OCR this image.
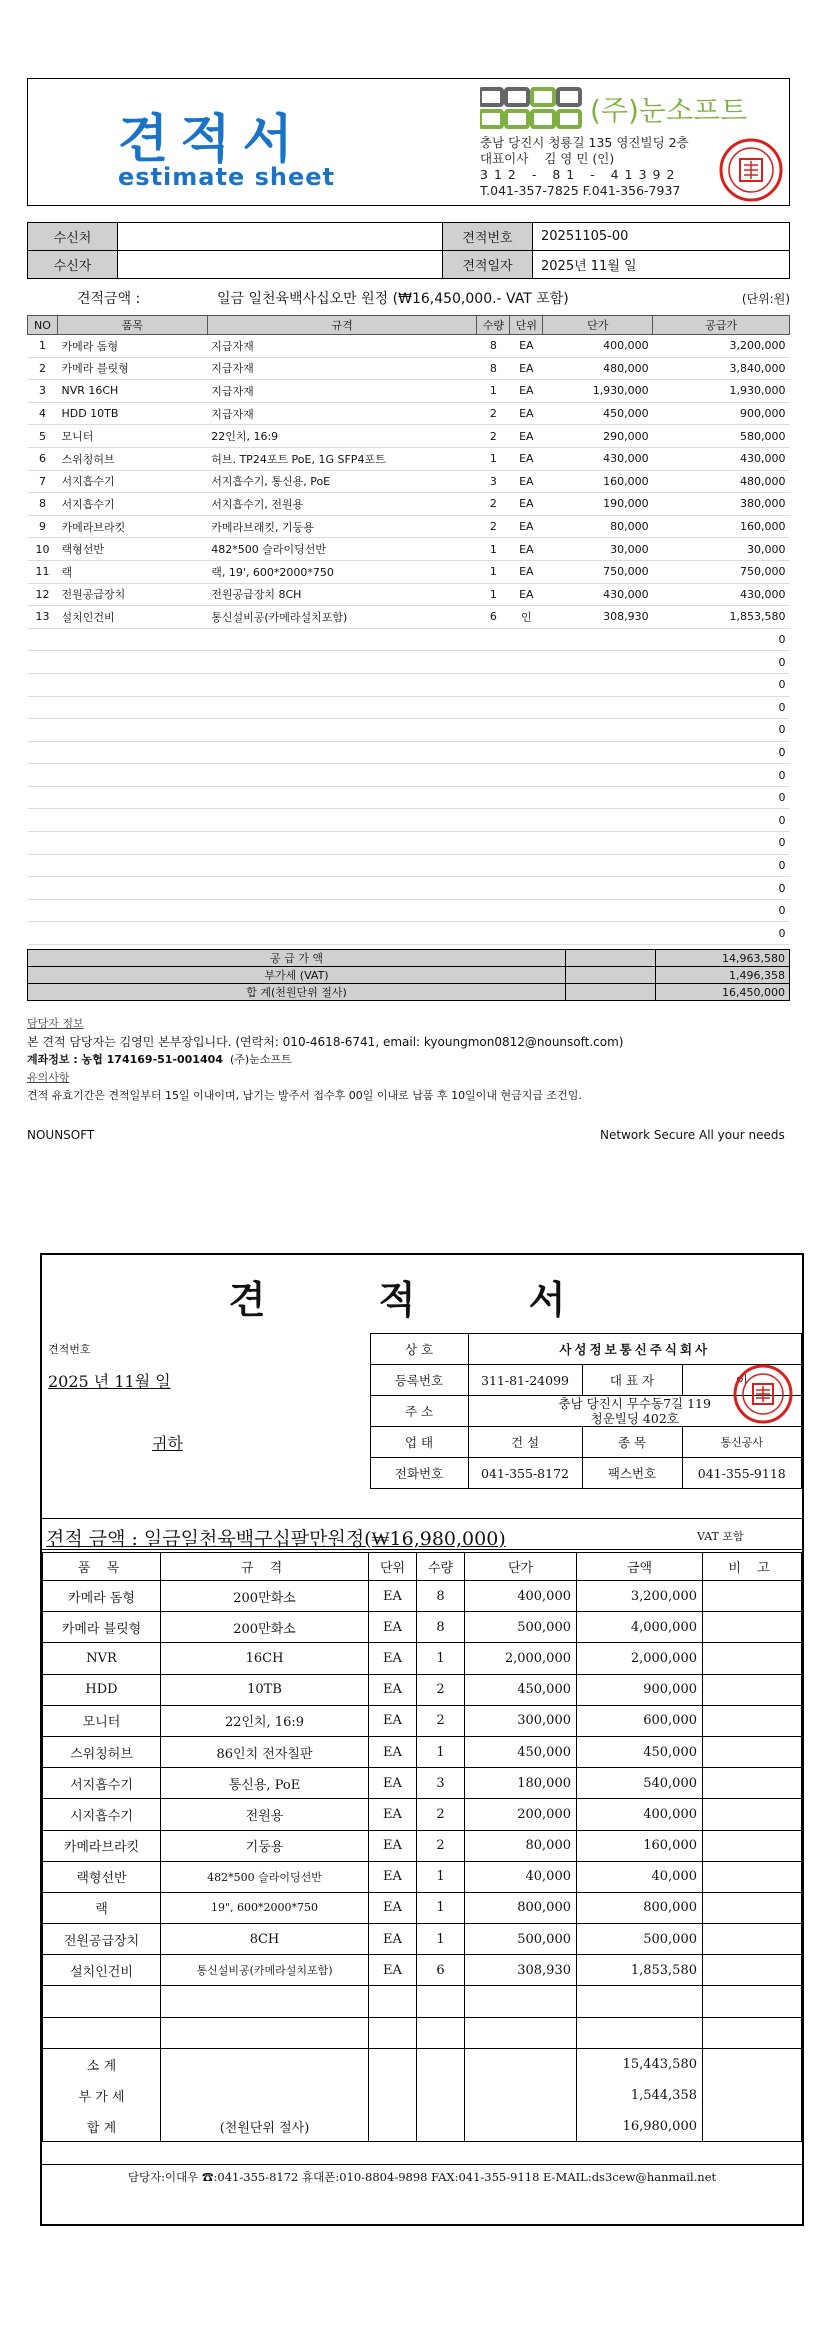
견적서
estimate sheet
(주)눈소프트
충남 당진시 청룡길 135 영진빌딩 2층
대표이사 김 영 민 (인)
312 - 81 - 41392
T.041-357-7825 F.041-356-7937
수신처		견적번호	20251105-00
수신자		견적일자	2025년 11월 일
견적금액 :	일금 일천육백사십오만 원정 (₩16,450,000.- VAT 포함)	(단위:원)
NO	품목	규격	수량	단위	단가	공급가
1	카메라 돔형	지급자재	8	EA	400,000	3,200,000
2	카메라 블릿형	지급자재	8	EA	480,000	3,840,000
3	NVR 16CH	지급자재	1	EA	1,930,000	1,930,000
4	HDD 10TB	지급자재	2	EA	450,000	900,000
5	모니터	22인치, 16:9	2	EA	290,000	580,000
6	스위칭허브	허브. TP24포트 PoE, 1G SFP4포트	1	EA	430,000	430,000
7	서지흡수기	서지흡수기, 통신용, PoE	3	EA	160,000	480,000
8	서지흡수기	서지흡수기, 전원용	2	EA	190,000	380,000
9	카메라브라킷	카메라브래킷, 기둥용	2	EA	80,000	160,000
10	랙형선반	482*500 슬라이딩선반	1	EA	30,000	30,000
11	랙	랙, 19', 600*2000*750	1	EA	750,000	750,000
12	전원공급장치	전원공급장치 8CH	1	EA	430,000	430,000
13	설치인건비	통신설비공(카메라설치포함)	6	인	308,930	1,853,580
						0
						0
						0
						0
						0
						0
						0
						0
						0
						0
						0
						0
						0
						0
공 급 가 액		14,963,580
부가세 (VAT)		1,496,358
합 계(천원단위 절사)		16,450,000
담당자 정보
본 견적 담당자는 김영민 본부장입니다. (연락처: 010-4618-6741, email: kyoungmon0812@nounsoft.com)
계좌정보 : 농협 174169-51-001404 (주)눈소프트
유의사항
견적 유효기간은 견적일부터 15일 이내이며, 납기는 발주서 접수후 00일 이내로 납품 후 10일이내 현금지급 조건임.
NOUNSOFT	Network Secure All your needs
견 적 서
견적번호	상 호	사성정보통신주식회사		
2025 년 11월 일	등록번호	311-81-24099	대 표 자	이
	주 소	충남 당진시 무수동7길 119
청운빌딩 402호		

귀하	업 태	건 설	종 목	통신공사
	전화번호	041-355-8172	팩스번호	041-355-9118
견적 금액 : 일금일천육백구십팔만원정(₩16,980,000)	VAT 포함
품 목	규 격	단위	수량	단가	금액	비 고
카메라 돔형	200만화소	EA	8	400,000	3,200,000	
카메라 블릿형	200만화소	EA	8	500,000	4,000,000	
NVR	16CH	EA	1	2,000,000	2,000,000	
HDD	10TB	EA	2	450,000	900,000	
모니터	22인치, 16:9	EA	2	300,000	600,000	
스위칭허브	86인치 전자칠판	EA	1	450,000	450,000	
서지흡수기	통신용, PoE	EA	3	180,000	540,000	
시지흡수기	전원용	EA	2	200,000	400,000	
카메라브라킷	기둥용	EA	2	80,000	160,000	
랙형선반	482*500 슬라이딩선반	EA	1	40,000	40,000	
랙	19", 600*2000*750	EA	1	800,000	800,000	
전원공급장치	8CH	EA	1	500,000	500,000	
설치인건비	통신설비공(카메라설치포함)	EA	6	308,930	1,853,580	

소 계					15,443,580	
부 가 세					1,544,358	
합 계	(천원단위 절사)				16,980,000	
담당자:이대우 ☎:041-355-8172 휴대폰:010-8804-9898 FAX:041-355-9118 E-MAIL:ds3cew@hanmail.net
